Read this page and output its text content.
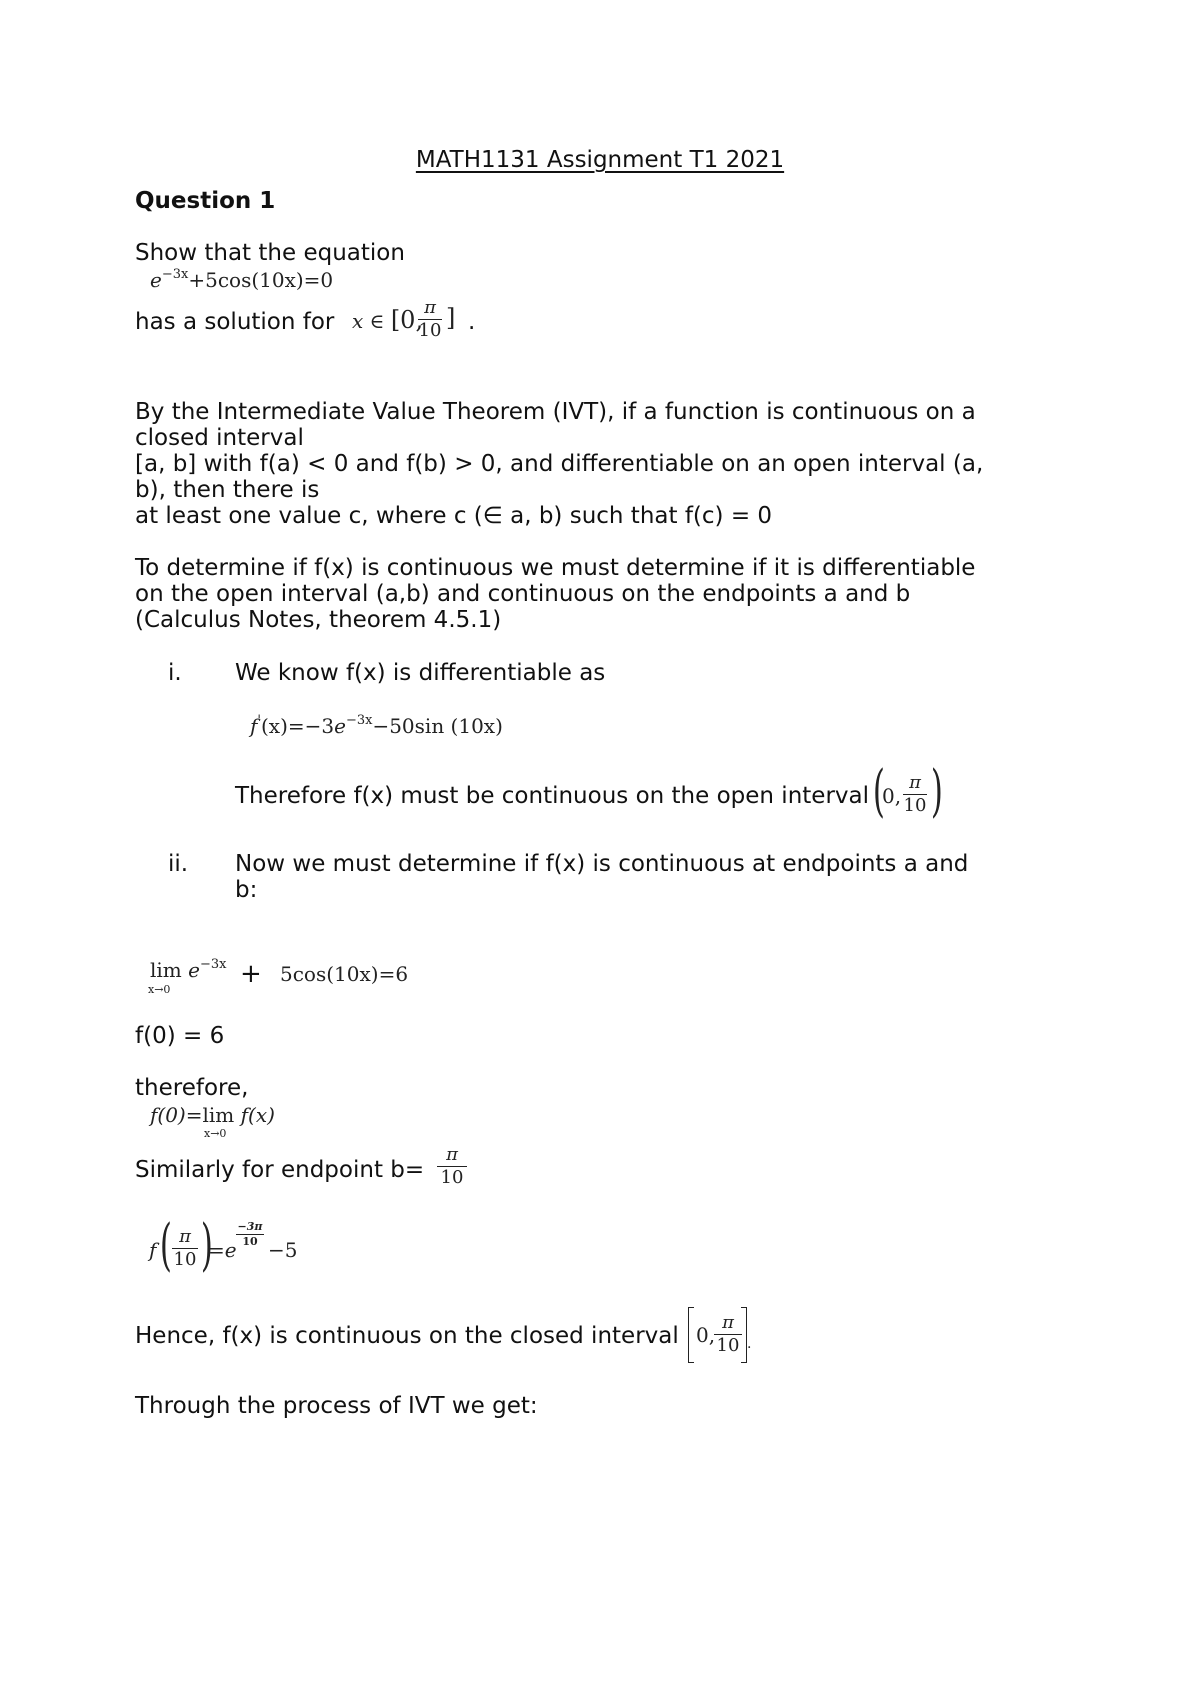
MATH1131 Assignment T1 2021
Question 1
Show that the equation
$e^{-3x}+5\cos(10x)=0$
has a solution for x ∈ [0, π
10 ] .
By the Intermediate Value Theorem (IVT), if a function is continuous on a
closed interval
[a, b] with f(a) < 0 and f(b) > 0, and differentiable on an open interval (a,
b), then there is
at least one value c, where c (∈ a, b) such that f(c) = 0
To determine if f(x) is continuous we must determine if it is differentiable
on the open interval (a,b) and continuous on the endpoints a and b
(Calculus Notes, theorem 4.5.1)
i. We know f(x) is differentiable as
$f'(x)=-3e^{-3x}-50\sin$ (10x)
Therefore f(x) must be continuous on the open interval (
0,
π
10 )
ii. Now we must determine if f(x) is continuous at endpoints a and
b:
$\lim e^{-3x}$
x→0
+ 5cos(10x)=6
f(0) = 6
therefore,
f(0)=lim f(x)
x→0
Similarly for endpoint b=
π
10
f ( π
10 )
=e
−3π
10 −5
Hence, f(x) is continuous on the closed interval 0,
π
10 .
Through the process of IVT we get:
